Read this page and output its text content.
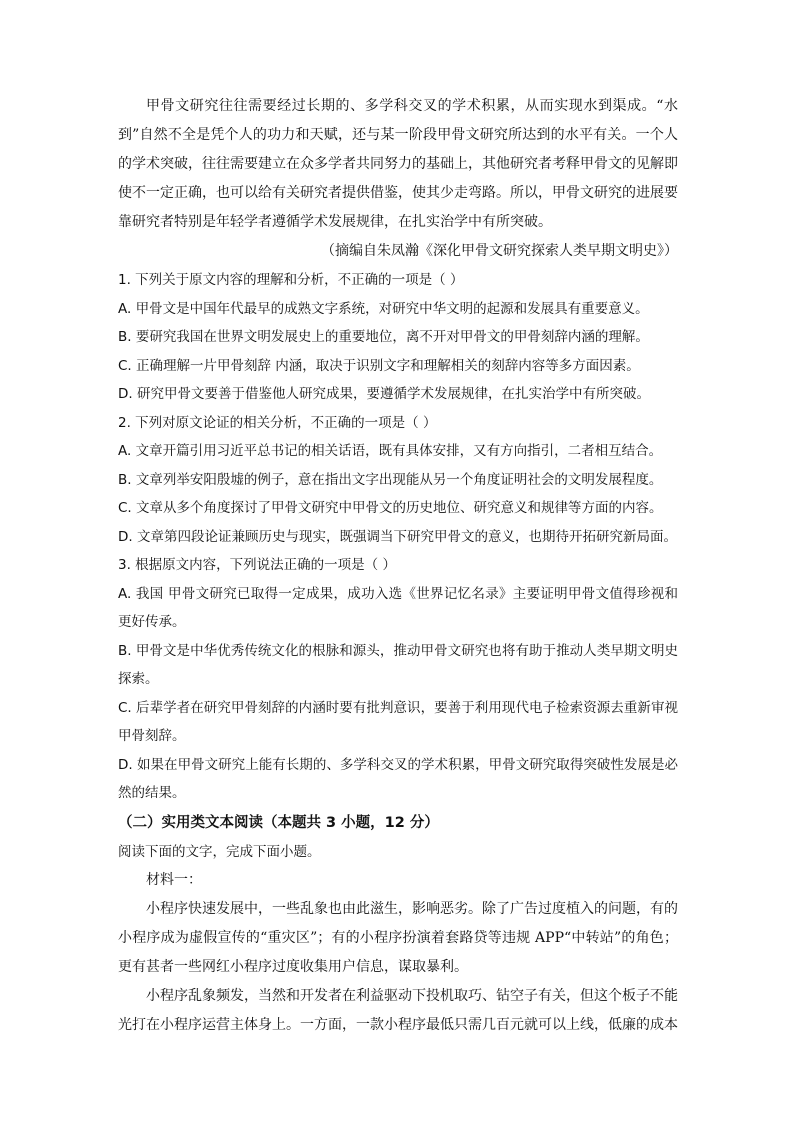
甲骨文研究往往需要经过长期的、多学科交叉的学术积累，从而实现水到渠成。“水到”自然不全是凭个人的功力和天赋，还与某一阶段甲骨文研究所达到的水平有关。一个人的学术突破，往往需要建立在众多学者共同努力的基础上，其他研究者考释甲骨文的见解即使不一定正确，也可以给有关研究者提供借鉴，使其少走弯路。所以，甲骨文研究的进展要靠研究者特别是年轻学者遵循学术发展规律，在扎实治学中有所突破。

（摘编自朱凤瀚《深化甲骨文研究探索人类早期文明史》）

1. 下列关于原文内容的理解和分析，不正确的一项是（ ）

A. 甲骨文是中国年代最早的成熟文字系统，对研究中华文明的起源和发展具有重要意义。

B. 要研究我国在世界文明发展史上的重要地位，离不开对甲骨文的甲骨刻辞内涵的理解。

C. 正确理解一片甲骨刻辞 内涵，取决于识别文字和理解相关的刻辞内容等多方面因素。

D. 研究甲骨文要善于借鉴他人研究成果，要遵循学术发展规律，在扎实治学中有所突破。

2. 下列对原文论证的相关分析，不正确的一项是（ ）

A. 文章开篇引用习近平总书记的相关话语，既有具体安排，又有方向指引，二者相互结合。

B. 文章列举安阳殷墟的例子，意在指出文字出现能从另一个角度证明社会的文明发展程度。

C. 文章从多个角度探讨了甲骨文研究中甲骨文的历史地位、研究意义和规律等方面的内容。

D. 文章第四段论证兼顾历史与现实，既强调当下研究甲骨文的意义，也期待开拓研究新局面。

3. 根据原文内容，下列说法正确的一项是（ ）

A. 我国 甲骨文研究已取得一定成果，成功入选《世界记忆名录》主要证明甲骨文值得珍视和更好传承。

B. 甲骨文是中华优秀传统文化的根脉和源头，推动甲骨文研究也将有助于推动人类早期文明史探索。

C. 后辈学者在研究甲骨刻辞的内涵时要有批判意识，要善于利用现代电子检索资源去重新审视甲骨刻辞。

D. 如果在甲骨文研究上能有长期的、多学科交叉的学术积累，甲骨文研究取得突破性发展是必然的结果。

（二）实用类文本阅读（本题共 3 小题，12 分）

阅读下面的文字，完成下面小题。

材料一：

小程序快速发展中，一些乱象也由此滋生，影响恶劣。除了广告过度植入的问题，有的小程序成为虚假宣传的“重灾区”；有的小程序扮演着套路贷等违规 APP“中转站”的角色；更有甚者一些网红小程序过度收集用户信息，谋取暴利。

小程序乱象频发，当然和开发者在利益驱动下投机取巧、钻空子有关，但这个板子不能光打在小程序运营主体身上。一方面，一款小程序最低只需几百元就可以上线，低廉的成本
